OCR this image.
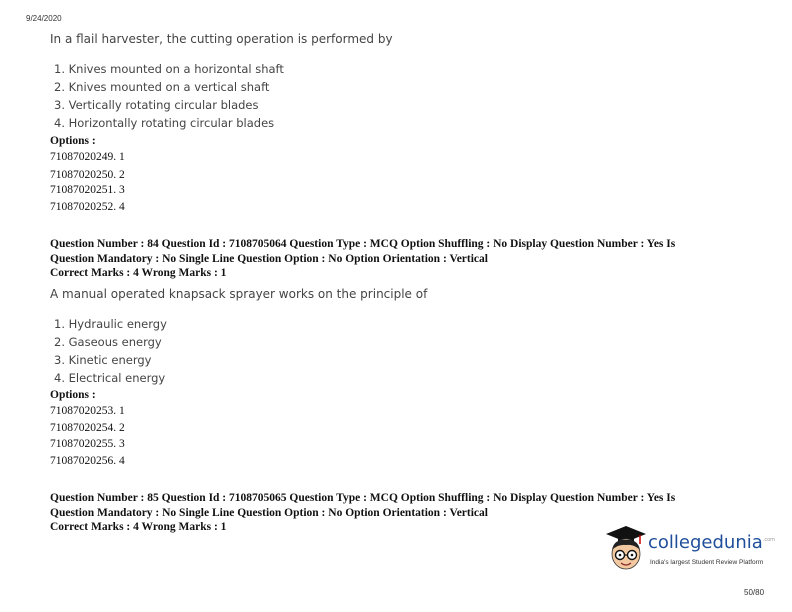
9/24/2020
In a flail harvester, the cutting operation is performed by
1. Knives mounted on a horizontal shaft
2. Knives mounted on a vertical shaft
3. Vertically rotating circular blades
4. Horizontally rotating circular blades
Options :
71087020249. 1
71087020250. 2
71087020251. 3
71087020252. 4
Question Number : 84 Question Id : 7108705064 Question Type : MCQ Option Shuffling : No Display Question Number : Yes Is
Question Mandatory : No Single Line Question Option : No Option Orientation : Vertical
Correct Marks : 4 Wrong Marks : 1
A manual operated knapsack sprayer works on the principle of
1. Hydraulic energy
2. Gaseous energy
3. Kinetic energy
4. Electrical energy
Options :
71087020253. 1
71087020254. 2
71087020255. 3
71087020256. 4
Question Number : 85 Question Id : 7108705065 Question Type : MCQ Option Shuffling : No Display Question Number : Yes Is
Question Mandatory : No Single Line Question Option : No Option Orientation : Vertical
Correct Marks : 4 Wrong Marks : 1
collegedunia$^{.com}$
India's largest Student Review Platform
50/80
